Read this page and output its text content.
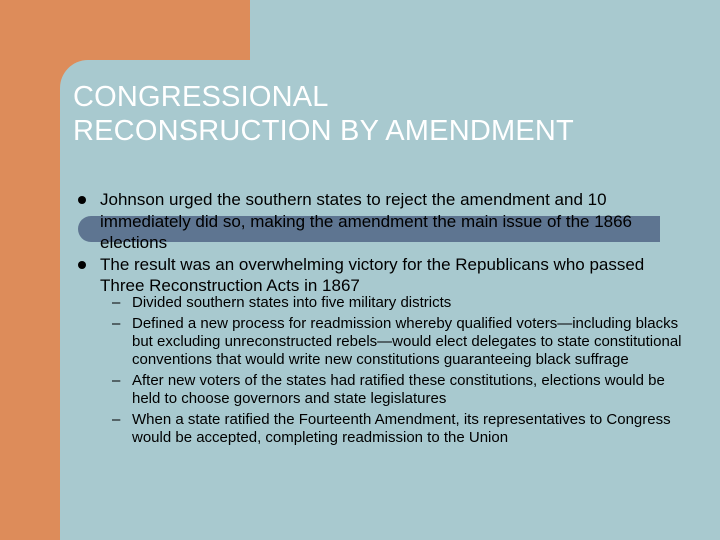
CONGRESSIONAL
RECONSRUCTION BY AMENDMENT
Johnson urged the southern states to reject the amendment and 10 immediately did so, making the amendment the main issue of the 1866 elections
The result was an overwhelming victory for the Republicans who passed Three Reconstruction Acts in 1867
– Divided southern states into five military districts
– Defined a new process for readmission whereby qualified voters—including blacks but excluding unreconstructed rebels—would elect delegates to state constitutional conventions that would write new constitutions guaranteeing black suffrage
– After new voters of the states had ratified these constitutions, elections would be held to choose governors and state legislatures
– When a state ratified the Fourteenth Amendment, its representatives to Congress would be accepted, completing readmission to the Union
